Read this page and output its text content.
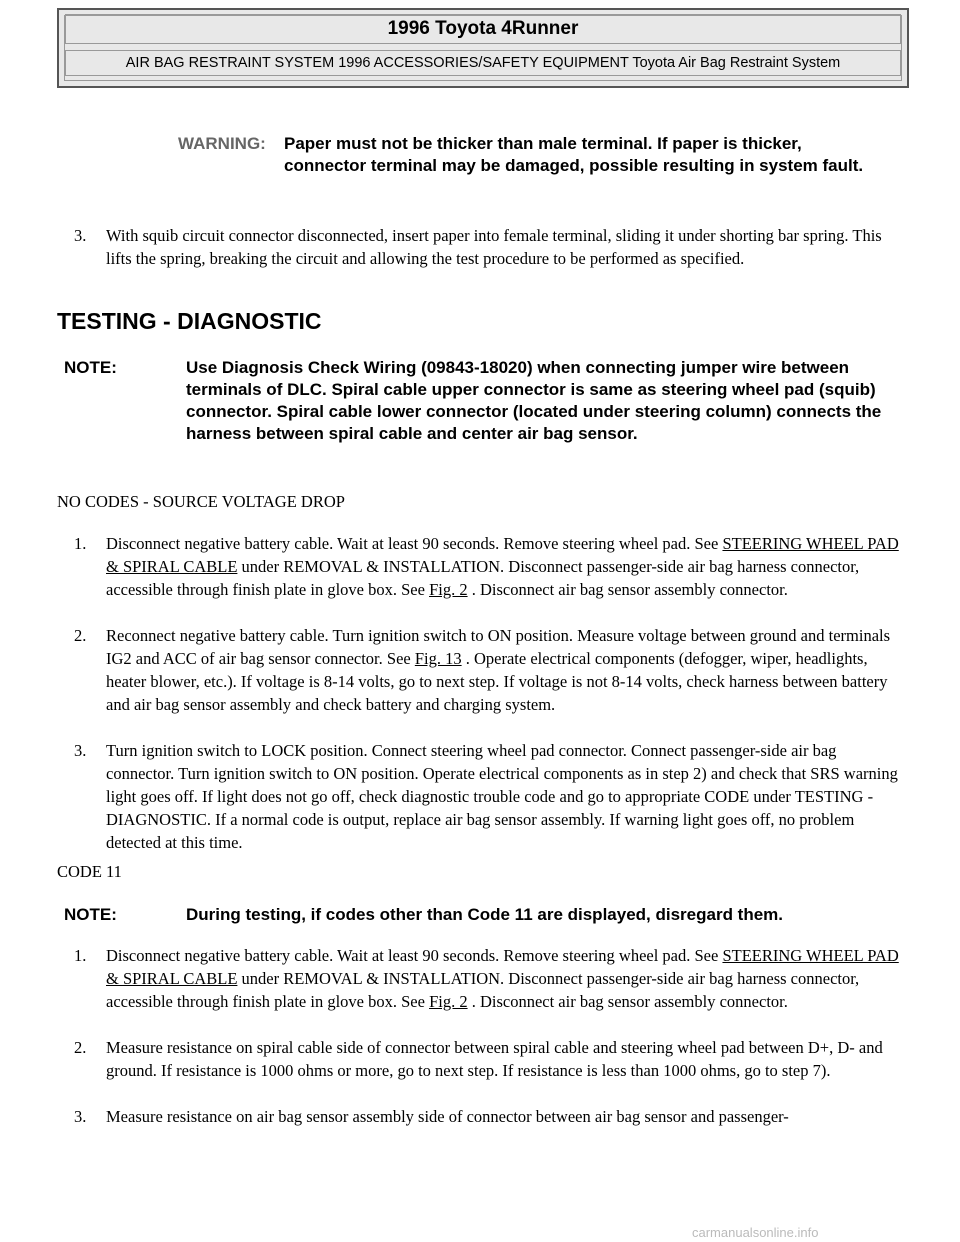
1996 Toyota 4Runner
AIR BAG RESTRAINT SYSTEM 1996 ACCESSORIES/SAFETY EQUIPMENT Toyota Air Bag Restraint System
WARNING: Paper must not be thicker than male terminal. If paper is thicker, connector terminal may be damaged, possible resulting in system fault.
3. With squib circuit connector disconnected, insert paper into female terminal, sliding it under shorting bar spring. This lifts the spring, breaking the circuit and allowing the test procedure to be performed as specified.
TESTING - DIAGNOSTIC
NOTE:	Use Diagnosis Check Wiring (09843-18020) when connecting jumper wire between terminals of DLC. Spiral cable upper connector is same as steering wheel pad (squib) connector. Spiral cable lower connector (located under steering column) connects the harness between spiral cable and center air bag sensor.
NO CODES - SOURCE VOLTAGE DROP
1. Disconnect negative battery cable. Wait at least 90 seconds. Remove steering wheel pad. See STEERING WHEEL PAD & SPIRAL CABLE under REMOVAL & INSTALLATION. Disconnect passenger-side air bag harness connector, accessible through finish plate in glove box. See Fig. 2 . Disconnect air bag sensor assembly connector.
2. Reconnect negative battery cable. Turn ignition switch to ON position. Measure voltage between ground and terminals IG2 and ACC of air bag sensor connector. See Fig. 13 . Operate electrical components (defogger, wiper, headlights, heater blower, etc.). If voltage is 8-14 volts, go to next step. If voltage is not 8-14 volts, check harness between battery and air bag sensor assembly and check battery and charging system.
3. Turn ignition switch to LOCK position. Connect steering wheel pad connector. Connect passenger-side air bag connector. Turn ignition switch to ON position. Operate electrical components as in step 2) and check that SRS warning light goes off. If light does not go off, check diagnostic trouble code and go to appropriate CODE under TESTING - DIAGNOSTIC. If a normal code is output, replace air bag sensor assembly. If warning light goes off, no problem detected at this time.
CODE 11
NOTE:	During testing, if codes other than Code 11 are displayed, disregard them.
1. Disconnect negative battery cable. Wait at least 90 seconds. Remove steering wheel pad. See STEERING WHEEL PAD & SPIRAL CABLE under REMOVAL & INSTALLATION. Disconnect passenger-side air bag harness connector, accessible through finish plate in glove box. See Fig. 2 . Disconnect air bag sensor assembly connector.
2. Measure resistance on spiral cable side of connector between spiral cable and steering wheel pad between D+, D- and ground. If resistance is 1000 ohms or more, go to next step. If resistance is less than 1000 ohms, go to step 7).
3. Measure resistance on air bag sensor assembly side of connector between air bag sensor and passenger-
carmanualsonline.info
